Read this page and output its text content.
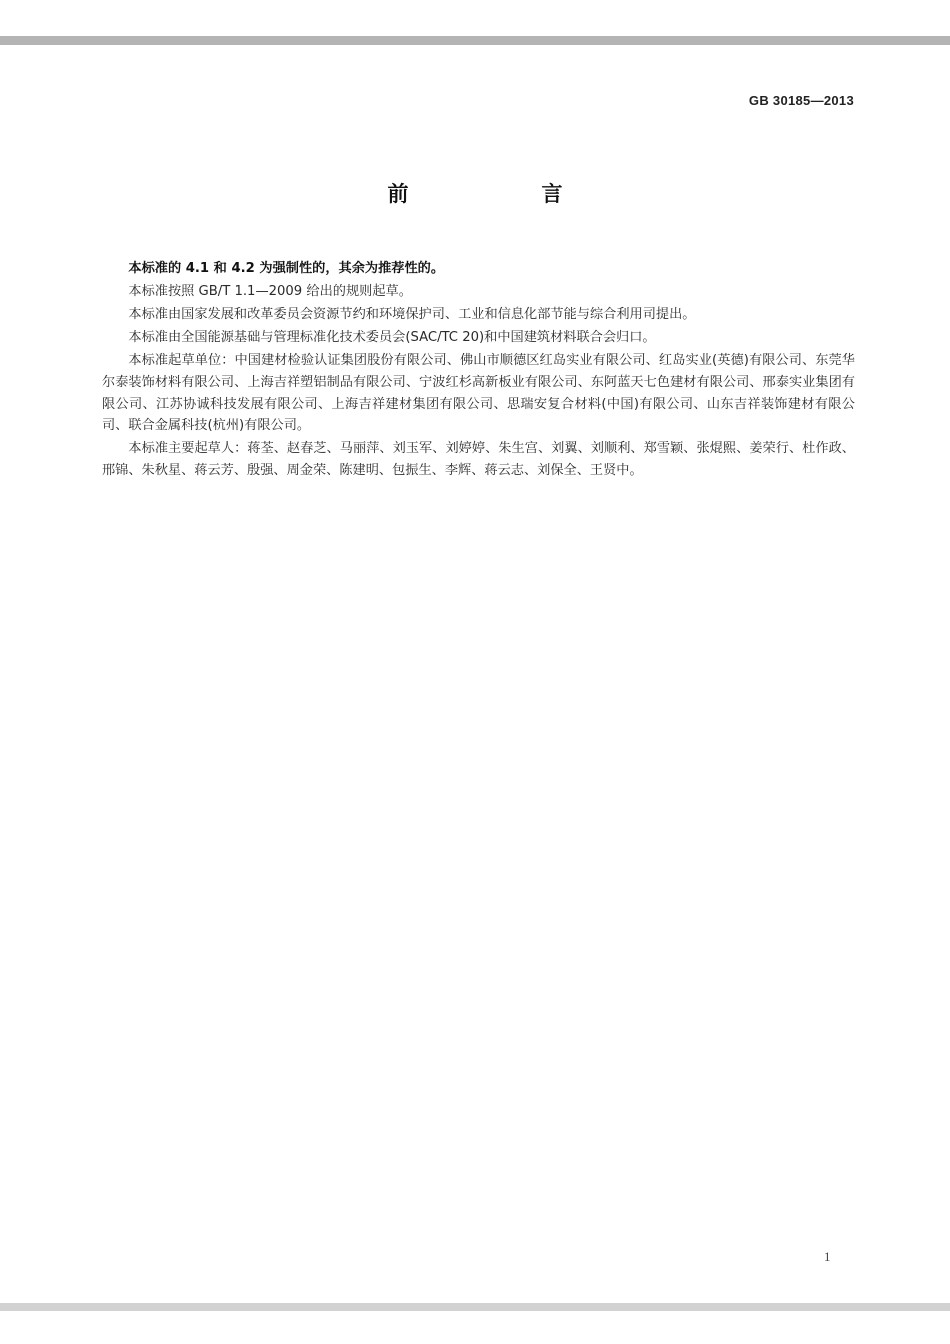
GB 30185—2013
前　言

本标准的 4.1 和 4.2 为强制性的，其余为推荐性的。

本标准按照 GB/T 1.1—2009 给出的规则起草。

本标准由国家发展和改革委员会资源节约和环境保护司、工业和信息化部节能与综合利用司提出。

本标准由全国能源基础与管理标准化技术委员会(SAC/TC 20)和中国建筑材料联合会归口。

本标准起草单位：中国建材检验认证集团股份有限公司、佛山市顺德区红岛实业有限公司、红岛实业(英德)有限公司、东莞华尔泰装饰材料有限公司、上海吉祥塑铝制品有限公司、宁波红杉高新板业有限公司、东阿蓝天七色建材有限公司、邢泰实业集团有限公司、江苏协诚科技发展有限公司、上海吉祥建材集团有限公司、思瑞安复合材料(中国)有限公司、山东吉祥装饰建材有限公司、联合金属科技(杭州)有限公司。

本标准主要起草人：蒋荃、赵春芝、马丽萍、刘玉军、刘婷婷、朱生宫、刘翼、刘顺利、郑雪颖、张焜熙、姜荣行、杜作政、邢锦、朱秋星、蒋云芳、殷强、周金荣、陈建明、包振生、李辉、蒋云志、刘保全、王贤中。

1
